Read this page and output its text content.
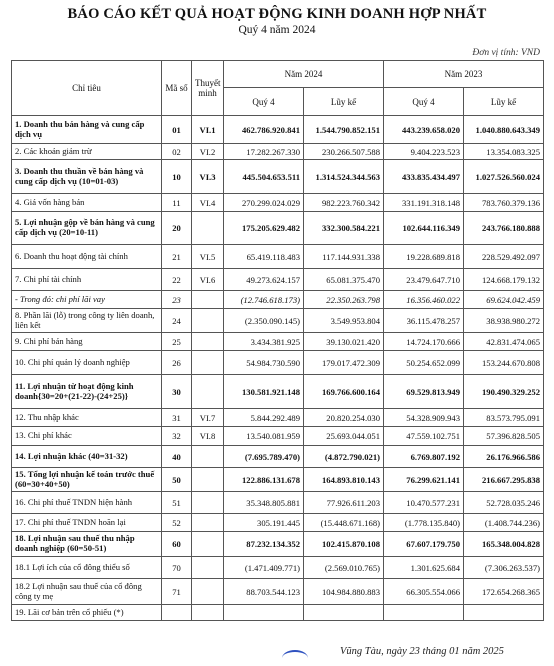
BÁO CÁO KẾT QUẢ HOẠT ĐỘNG KINH DOANH HỢP NHẤT
Quý 4 năm 2024
Đơn vị tính: VND
Chỉ tiêu	Mã số	Thuyết minh	Năm 2024		Năm 2023	
			Quý 4	Lũy kế	Quý 4	Lũy kế
1. Doanh thu bán hàng và cung cấp dịch vụ	01	VI.1	462.786.920.841	1.544.790.852.151	443.239.658.020	1.040.880.643.349
2. Các khoản giảm trừ	02	VI.2	17.282.267.330	230.266.507.588	9.404.223.523	13.354.083.325
3. Doanh thu thuần về bán hàng và cung cấp dịch vụ (10=01-03)	10	VI.3	445.504.653.511	1.314.524.344.563	433.835.434.497	1.027.526.560.024
4. Giá vốn hàng bán	11	VI.4	270.299.024.029	982.223.760.342	331.191.318.148	783.760.379.136
5. Lợi nhuận gộp về bán hàng và cung cấp dịch vụ (20=10-11)	20		175.205.629.482	332.300.584.221	102.644.116.349	243.766.180.888
6. Doanh thu hoạt động tài chính	21	VI.5	65.419.118.483	117.144.931.338	19.228.689.818	228.529.492.097
7. Chi phí tài chính	22	VI.6	49.273.624.157	65.081.375.470	23.479.647.710	124.668.179.132
- Trong đó: chi phí lãi vay	23		(12.746.618.173)	22.350.263.798	16.356.460.022	69.624.042.459
8. Phần lãi (lỗ) trong công ty liên doanh, liên kết	24		(2.350.090.145)	3.549.953.804	36.115.478.257	38.938.980.272
9. Chi phí bán hàng	25		3.434.381.925	39.130.021.420	14.724.170.666	42.831.474.065
10. Chi phí quản lý doanh nghiệp	26		54.984.730.590	179.017.472.309	50.254.652.099	153.244.670.808
11. Lợi nhuận từ hoạt động kinh doanh{30=20+(21-22)-(24+25)}	30		130.581.921.148	169.766.600.164	69.529.813.949	190.490.329.252
12. Thu nhập khác	31	VI.7	5.844.292.489	20.820.254.030	54.328.909.943	83.573.795.091
13. Chi phí khác	32	VI.8	13.540.081.959	25.693.044.051	47.559.102.751	57.396.828.505
14. Lợi nhuận khác (40=31-32)	40		(7.695.789.470)	(4.872.790.021)	6.769.807.192	26.176.966.586
15. Tổng lợi nhuận kế toán trước thuế (60=30+40+50)	50		122.886.131.678	164.893.810.143	76.299.621.141	216.667.295.838
16. Chi phí thuế TNDN hiện hành	51		35.348.805.881	77.926.611.203	10.470.577.231	52.728.035.246
17. Chi phí thuế TNDN hoãn lại	52		305.191.445	(15.448.671.168)	(1.778.135.840)	(1.408.744.236)
18. Lợi nhuận sau thuế thu nhập doanh nghiệp (60=50-51)	60		87.232.134.352	102.415.870.108	67.607.179.750	165.348.004.828
18.1 Lợi ích của cổ đông thiểu số	70		(1.471.409.771)	(2.569.010.765)	1.301.625.684	(7.306.263.537)
18.2 Lợi nhuận sau thuế của cổ đông công ty mẹ	71		88.703.544.123	104.984.880.883	66.305.554.066	172.654.268.365
19. Lãi cơ bản trên cổ phiếu (*)						
Vũng Tàu, ngày 23 tháng 01 năm 2025
